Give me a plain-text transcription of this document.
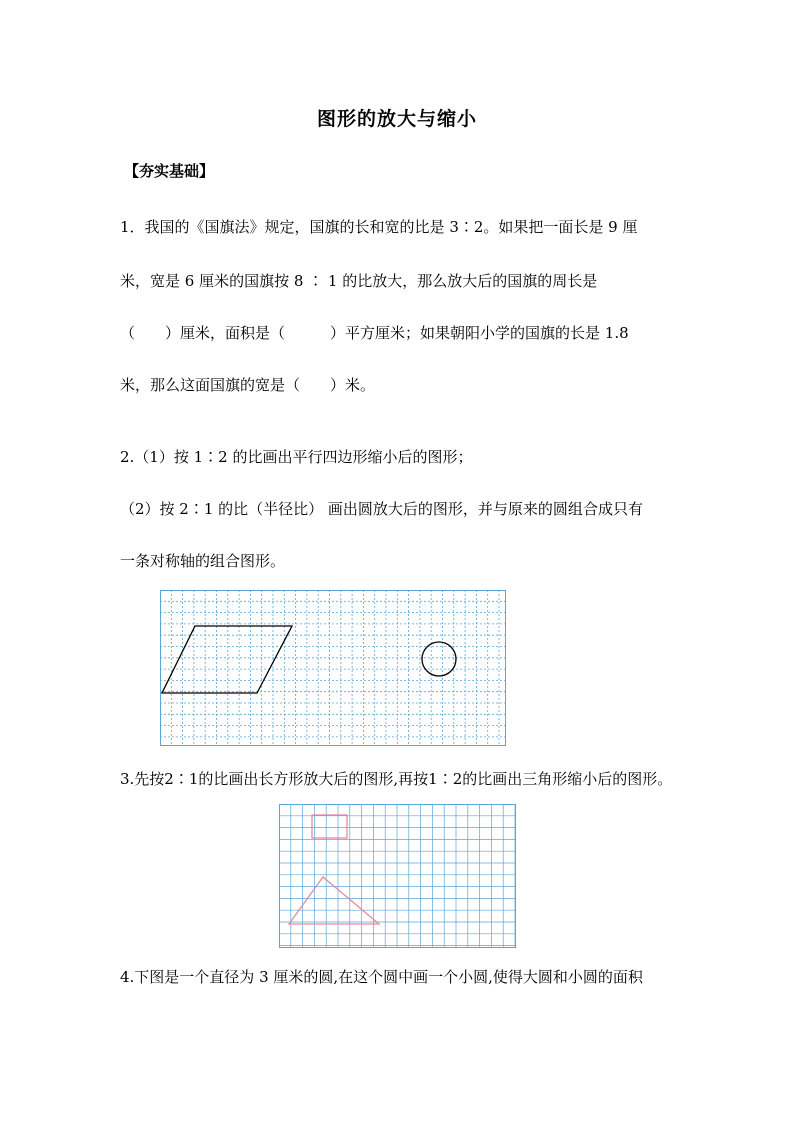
图形的放大与缩小
【夯实基础】
1．我国的《国旗法》规定，国旗的长和宽的比是 3∶2。如果把一面长是 9 厘
米，宽是 6 厘米的国旗按 8 ∶ 1 的比放大，那么放大后的国旗的周长是
（　　）厘米，面积是（　　　）平方厘米；如果朝阳小学的国旗的长是 1.8
米，那么这面国旗的宽是（　　）米。
2.（1）按 1∶2 的比画出平行四边形缩小后的图形；
（2）按 2∶1 的比（半径比） 画出圆放大后的图形，并与原来的圆组合成只有
一条对称轴的组合图形。
3.先按2∶1的比画出长方形放大后的图形,再按1∶2的比画出三角形缩小后的图形。
4.下图是一个直径为 3 厘米的圆,在这个圆中画一个小圆,使得大圆和小圆的面积
